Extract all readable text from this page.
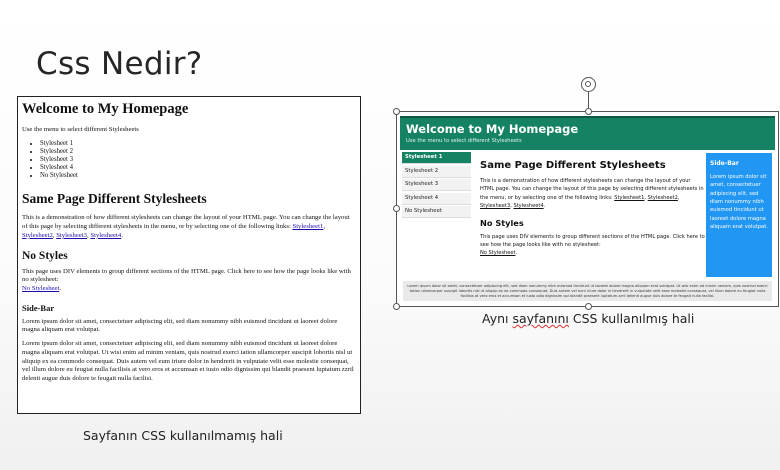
Css Nedir?
Welcome to My Homepage

Use the menu to select different Stylesheets

• Stylesheet 1
• Stylesheet 2
• Stylesheet 3
• Stylesheet 4
• No Stylesheet
Same Page Different Stylesheets

This is a demonstration of how different stylesheets can change the layout of your HTML page. You can change the layout of this page by selecting different stylesheets in the menu, or by selecting one of the following links: Stylesheet1, Stylesheet2, Stylesheet3, Stylesheet4.

No Styles

This page uses DIV elements to group different sections of the HTML page. Click here to see how the page looks like with no stylesheet:
No Stylesheet.

Side-Bar

Lorem ipsum dolor sit amet, consectetuer adipiscing elit, sed diam nonummy nibh euismod tincidunt ut laoreet dolore magna aliquam erat volutpat.

Lorem ipsum dolor sit amet, consectetuer adipiscing elit, sed diam nonummy nibh euismod tincidunt ut laoreet dolore magna aliquam erat volutpat. Ut wisi enim ad minim veniam, quis nostrud exerci tation ullamcorper suscipit lobortis nisl ut aliquip ex ea commodo consequat. Duis autem vel eum iriure dolor in hendrerit in vulputate velit esse molestie consequat, vel illum dolore eu feugiat nulla facilisis at vero eros et accumsan et iusto odio dignissim qui blandit praesent luptatum zzril delenit augue duis dolore te feugait nulla facilisi.

Welcome to My Homepage
Use the menu to select different Stylesheets
Stylesheet 1
Stylesheet 2
Stylesheet 3
Stylesheet 4
No Stylesheet
Same Page Different Stylesheets

This is a demonstration of how different stylesheets can change the layout of your HTML page. You can change the layout of this page by selecting different stylesheets in the menu, or by selecting one of the following links: Stylesheet1, Stylesheet2, Stylesheet3, Stylesheet4.

No Styles

This page uses DIV elements to group different sections of the HTML page. Click here to see how the page looks like with no stylesheet:
No Stylesheet.

Side-Bar
Lorem ipsum dolor sit amet, consectetuer adipiscing elit, sed diam nonummy nibh euismod tincidunt ut laoreet dolore magna aliquam erat volutpat.
Lorem ipsum dolor sit amet, consectetuer adipiscing elit, sed diam nonummy nibh euismod tincidunt ut laoreet dolore magna aliquam erat volutpat. Ut wisi enim ad minim veniam, quis nostrud exerci tation ullamcorper suscipit lobortis nisl ut aliquip ex ea commodo consequat. Duis autem vel eum iriure dolor in hendrerit in vulputate velit esse molestie consequat, vel illum dolore eu feugiat nulla facilisis at vero eros et accumsan et iusto odio dignissim qui blandit praesent luptatum zzril delenit augue duis dolore te feugait nulla facilisi.
Aynı sayfanını CSS kullanılmış hali
Sayfanın CSS kullanılmamış hali
